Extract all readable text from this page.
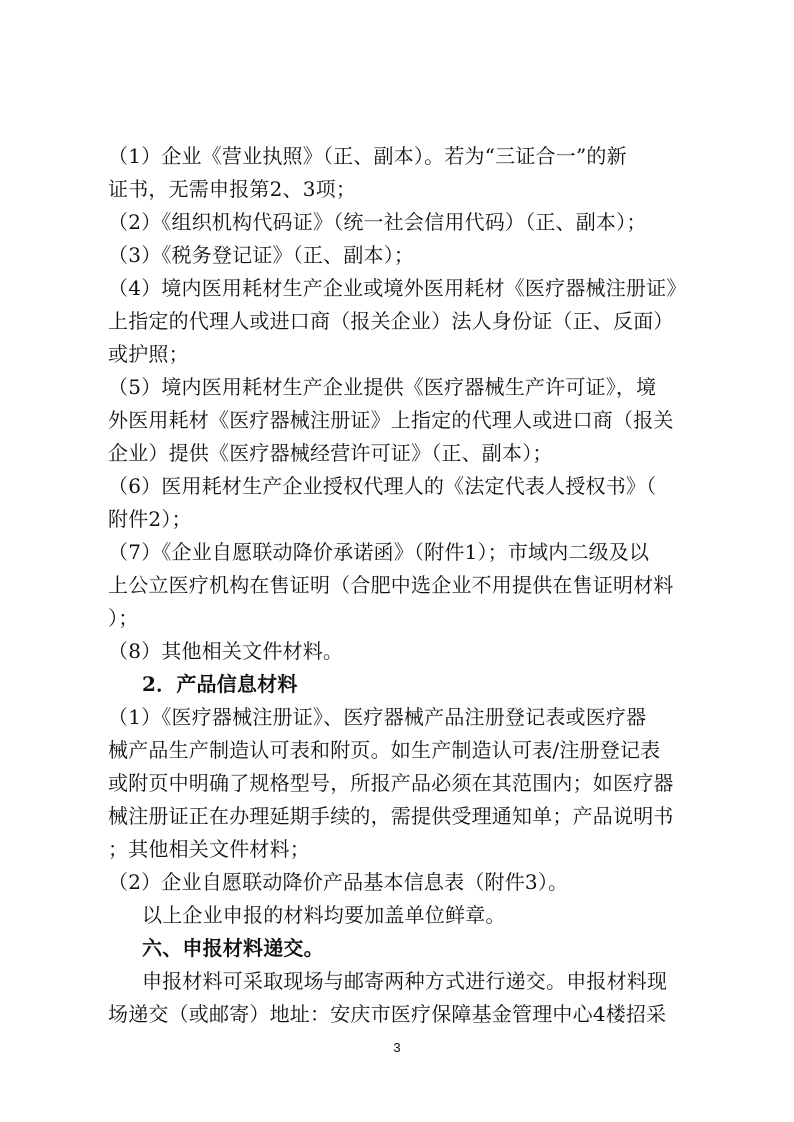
（1）企业《营业执照》（正、副本）。若为“三证合一”的新
证书，无需申报第2、3项；
（2）《组织机构代码证》（统一社会信用代码）（正、副本）；
（3）《税务登记证》（正、副本）；
（4）境内医用耗材生产企业或境外医用耗材《医疗器械注册证》
上指定的代理人或进口商（报关企业）法人身份证（正、反面）
或护照；
（5）境内医用耗材生产企业提供《医疗器械生产许可证》，境
外医用耗材《医疗器械注册证》上指定的代理人或进口商（报关
企业）提供《医疗器械经营许可证》（正、副本）；
（6）医用耗材生产企业授权代理人的《法定代表人授权书》（
附件2）；
（7）《企业自愿联动降价承诺函》（附件1）；市域内二级及以
上公立医疗机构在售证明（合肥中选企业不用提供在售证明材料
）；
（8）其他相关文件材料。
2．产品信息材料
（1）《医疗器械注册证》、医疗器械产品注册登记表或医疗器
械产品生产制造认可表和附页。如生产制造认可表/注册登记表
或附页中明确了规格型号，所报产品必须在其范围内；如医疗器
械注册证正在办理延期手续的，需提供受理通知单；产品说明书
；其他相关文件材料；
（2）企业自愿联动降价产品基本信息表（附件3）。
以上企业申报的材料均要加盖单位鲜章。
六、申报材料递交。
申报材料可采取现场与邮寄两种方式进行递交。申报材料现
场递交（或邮寄）地址：安庆市医疗保障基金管理中心4楼招采
3
